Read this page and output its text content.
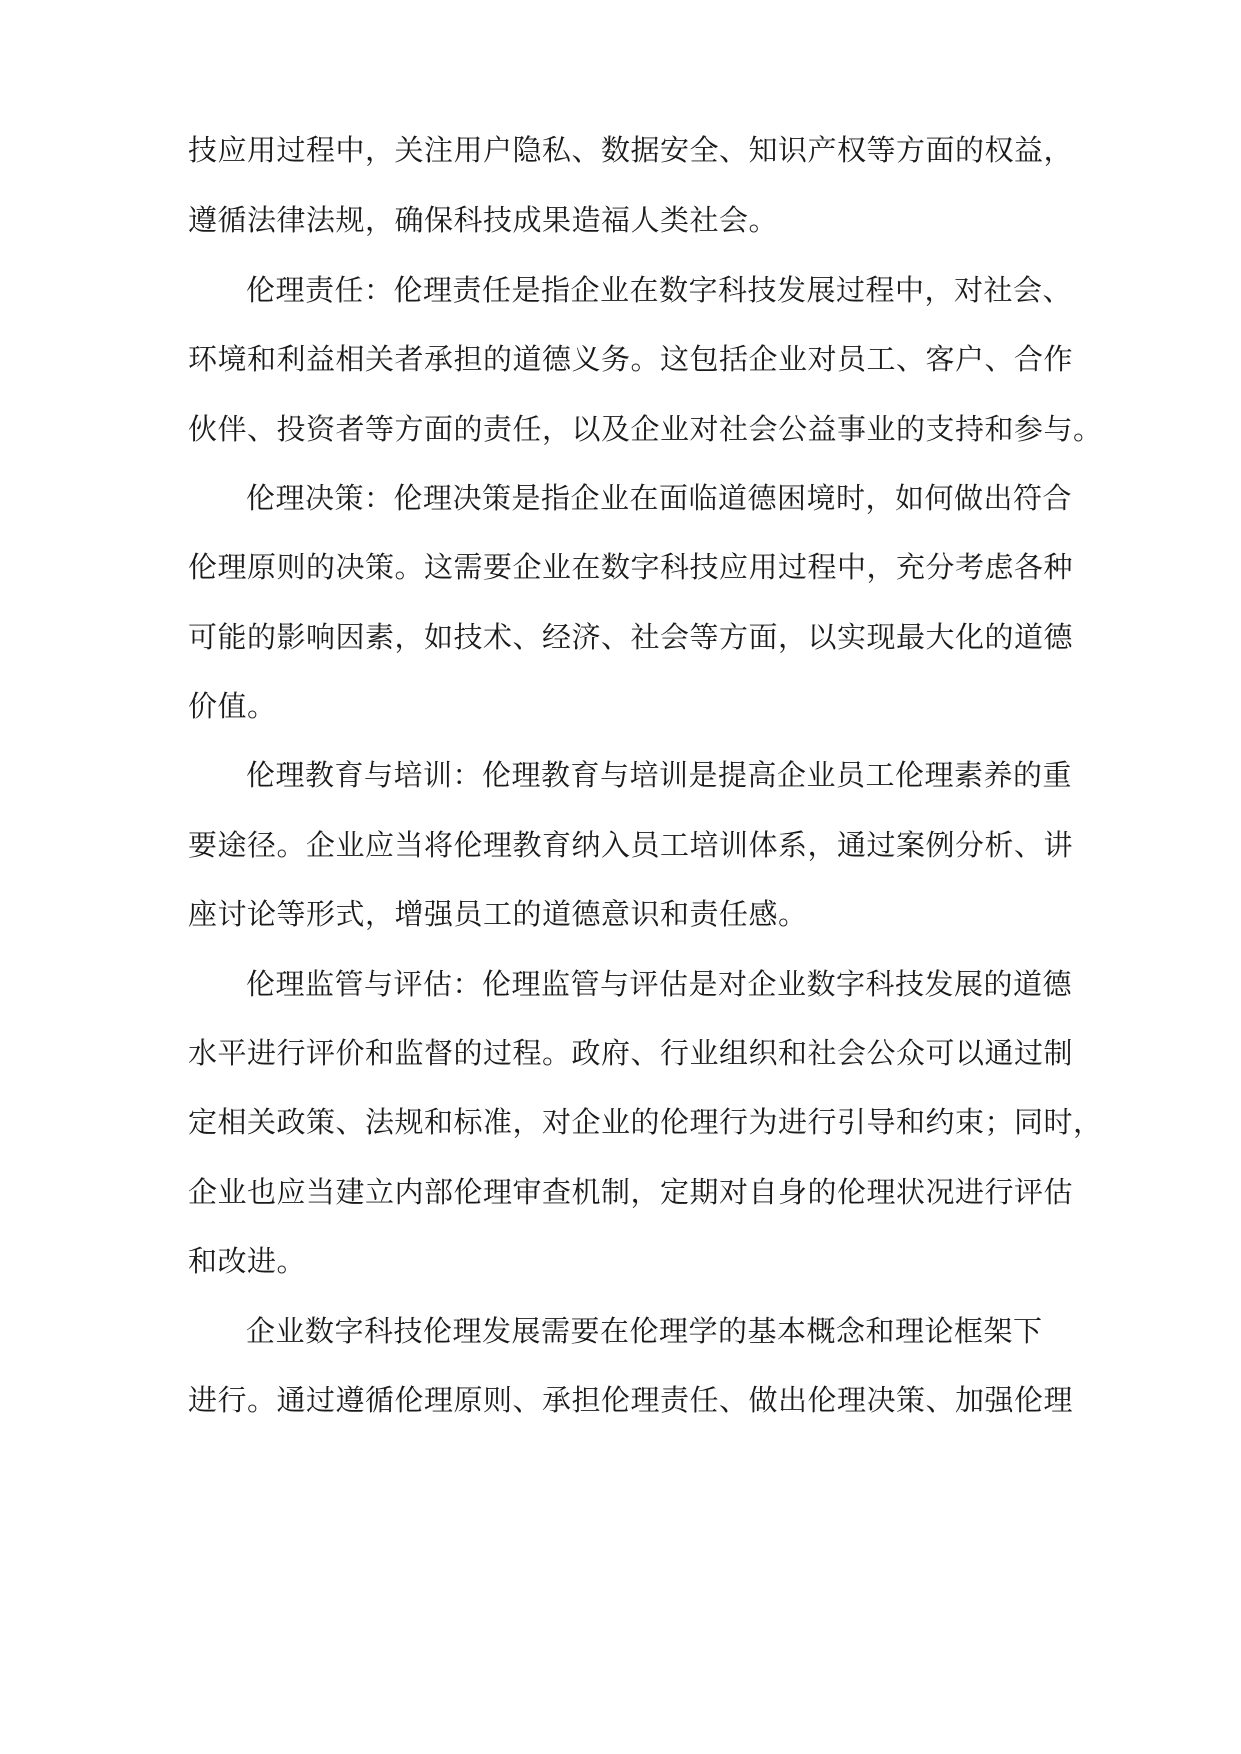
技应用过程中，关注用户隐私、数据安全、知识产权等方面的权益，
遵循法律法规，确保科技成果造福人类社会。
伦理责任：伦理责任是指企业在数字科技发展过程中，对社会、
环境和利益相关者承担的道德义务。这包括企业对员工、客户、合作
伙伴、投资者等方面的责任，以及企业对社会公益事业的支持和参与。
伦理决策：伦理决策是指企业在面临道德困境时，如何做出符合
伦理原则的决策。这需要企业在数字科技应用过程中，充分考虑各种
可能的影响因素，如技术、经济、社会等方面，以实现最大化的道德
价值。
伦理教育与培训：伦理教育与培训是提高企业员工伦理素养的重
要途径。企业应当将伦理教育纳入员工培训体系，通过案例分析、讲
座讨论等形式，增强员工的道德意识和责任感。
伦理监管与评估：伦理监管与评估是对企业数字科技发展的道德
水平进行评价和监督的过程。政府、行业组织和社会公众可以通过制
定相关政策、法规和标准，对企业的伦理行为进行引导和约束；同时，
企业也应当建立内部伦理审查机制，定期对自身的伦理状况进行评估
和改进。
企业数字科技伦理发展需要在伦理学的基本概念和理论框架下
进行。通过遵循伦理原则、承担伦理责任、做出伦理决策、加强伦理
